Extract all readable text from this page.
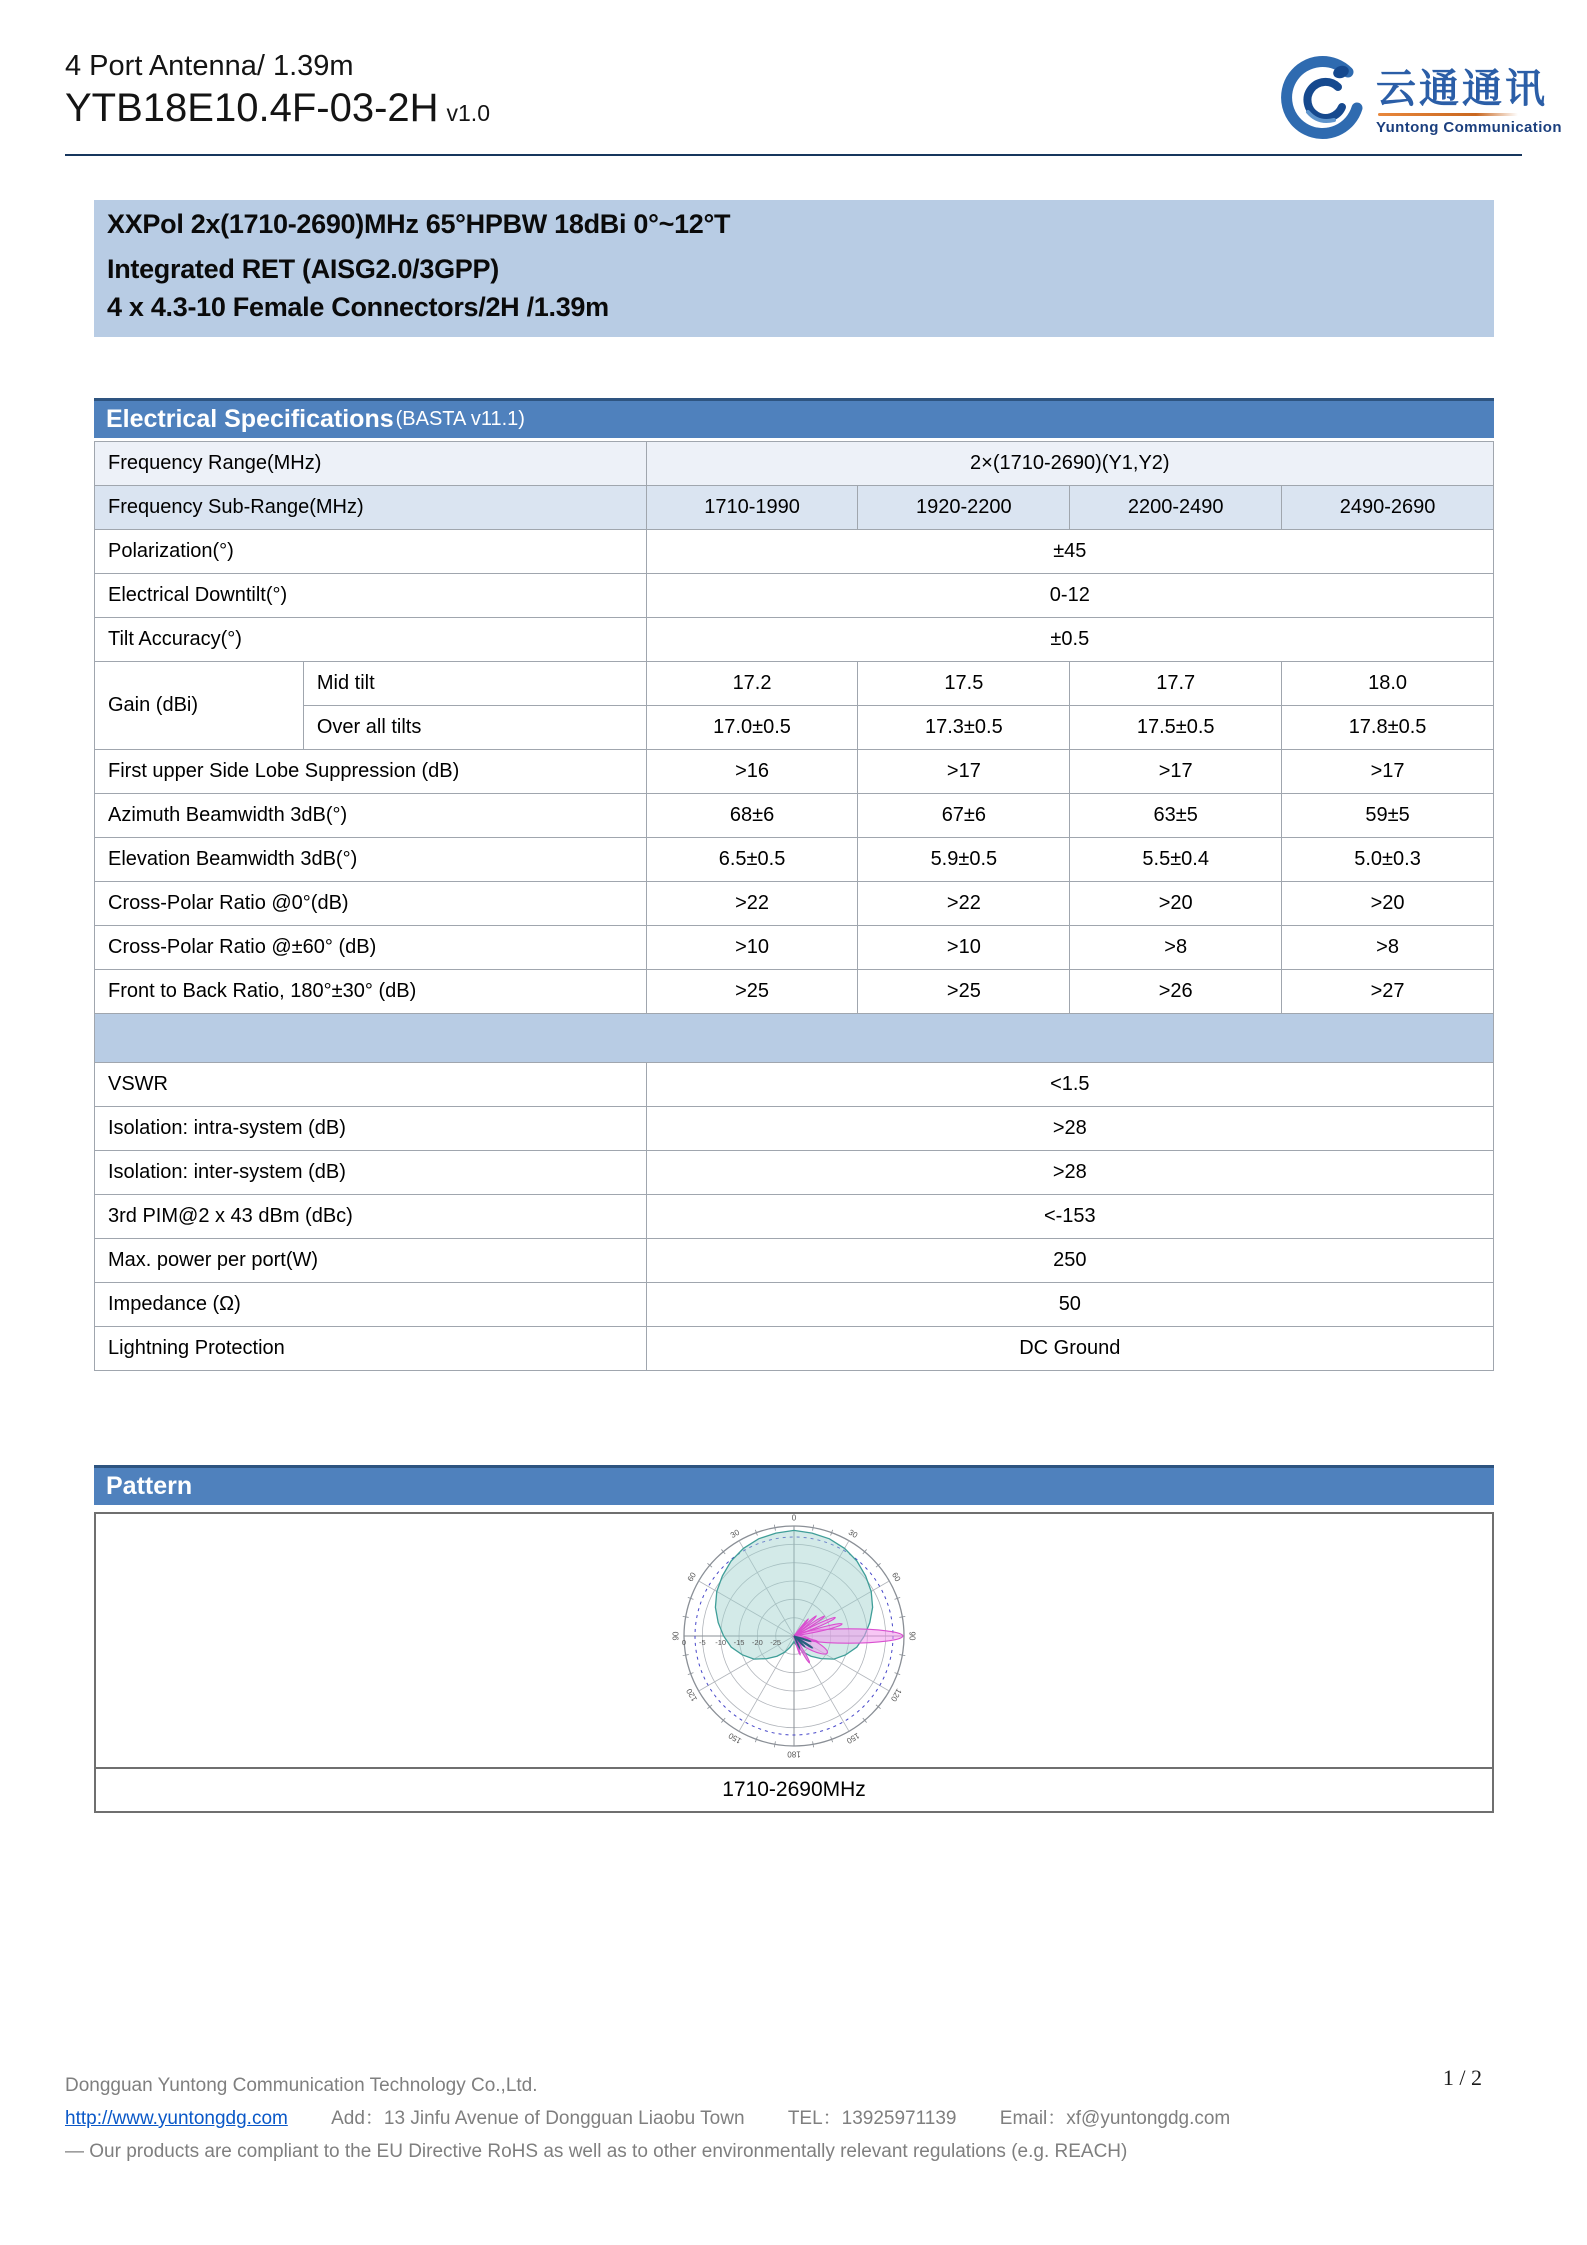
4 Port Antenna/ 1.39m
YTB18E10.4F-03-2H v1.0
云通通讯
Yuntong Communication
XXPol 2x(1710-2690)MHz 65°HPBW 18dBi 0°~12°T
Integrated RET (AISG2.0/3GPP)
4 x 4.3-10 Female Connectors/2H /1.39m
Electrical Specifications (BASTA v11.1)
Frequency Range(MHz)		2×(1710-2690)(Y1,Y2)			
Frequency Sub-Range(MHz)		1710-1990	1920-2200	2200-2490	2490-2690
Polarization(°)		±45			
Electrical Downtilt(°)		0-12			
Tilt Accuracy(°)		±0.5			
Gain (dBi)	Mid tilt	17.2	17.5	17.7	18.0
	Over all tilts	17.0±0.5	17.3±0.5	17.5±0.5	17.8±0.5
First upper Side Lobe Suppression (dB)		>16	>17	>17	>17
Azimuth Beamwidth 3dB(°)		68±6	67±6	63±5	59±5
Elevation Beamwidth 3dB(°)		6.5±0.5	5.9±0.5	5.5±0.4	5.0±0.3
Cross-Polar Ratio @0°(dB)		>22	>22	>20	>20
Cross-Polar Ratio @±60° (dB)		>10	>10	>8	>8
Front to Back Ratio, 180°±30° (dB)		>25	>25	>26	>27
VSWR	<1.5
Isolation: intra-system (dB)	>28
Isolation: inter-system (dB)	>28
3rd PIM@2 x 43 dBm (dBc)	<-153
Max. power per port(W)	250
Impedance (Ω)	50
Lightning Protection	DC Ground
Pattern
150
120
90
60
30
0
30
60
90
120
150
180
0 -5 -10 -15 -20 -25
1710-2690MHz
Dongguan Yuntong Communication Technology Co.,Ltd.	1 / 2
http://www.yuntongdg.com Add：13 Jinfu Avenue of Dongguan Liaobu Town TEL：13925971139 Email：xf@yuntongdg.com
— Our products are compliant to the EU Directive RoHS as well as to other environmentally relevant regulations (e.g. REACH)
